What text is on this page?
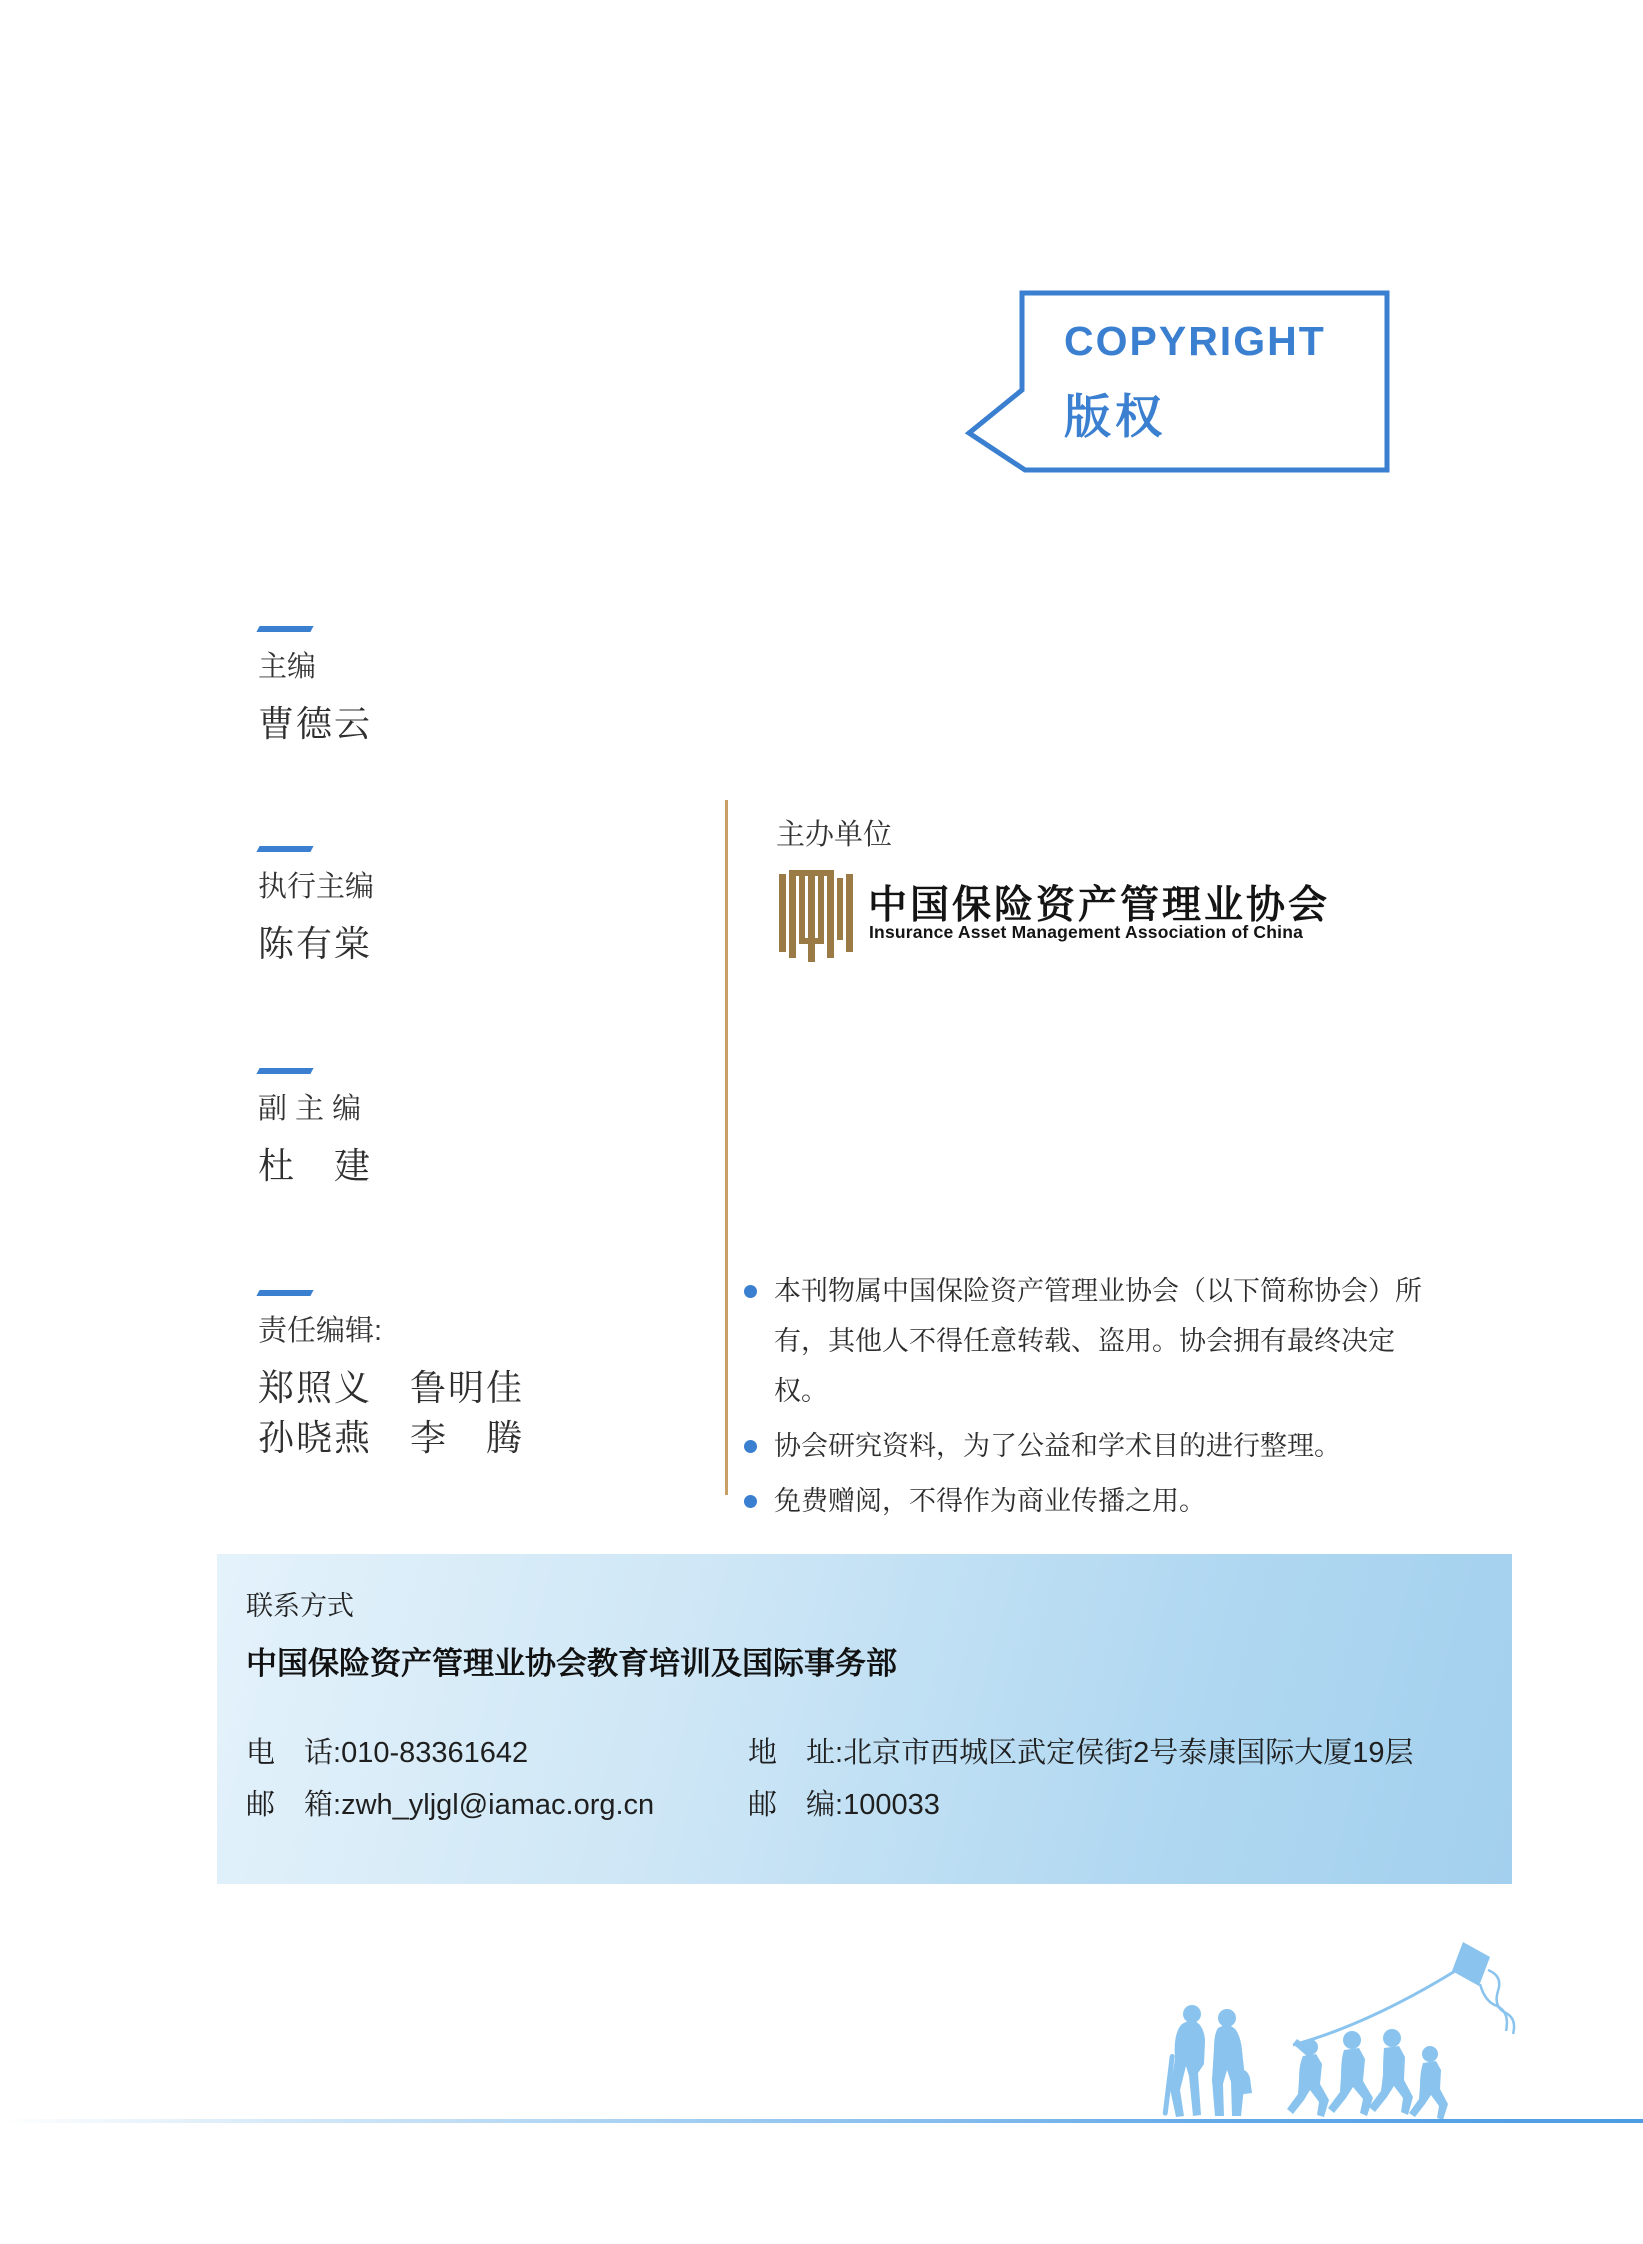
COPYRIGHT
版权
主编
曹德云
执行主编
陈有棠
副 主 编
杜　建
责任编辑:
郑照义　鲁明佳
孙晓燕　李　腾
主办单位
中国保险资产管理业协会
Insurance Asset Management Association of China
本刊物属中国保险资产管理业协会（以下简称协会）所有，其他人不得任意转载、盗用。协会拥有最终决定权。
协会研究资料，为了公益和学术目的进行整理。
免费赠阅，不得作为商业传播之用。
联系方式
中国保险资产管理业协会教育培训及国际事务部
电　话:010-83361642
邮　箱:zwh_yljgl@iamac.org.cn
地　址:北京市西城区武定侯街2号泰康国际大厦19层
邮　编:100033
